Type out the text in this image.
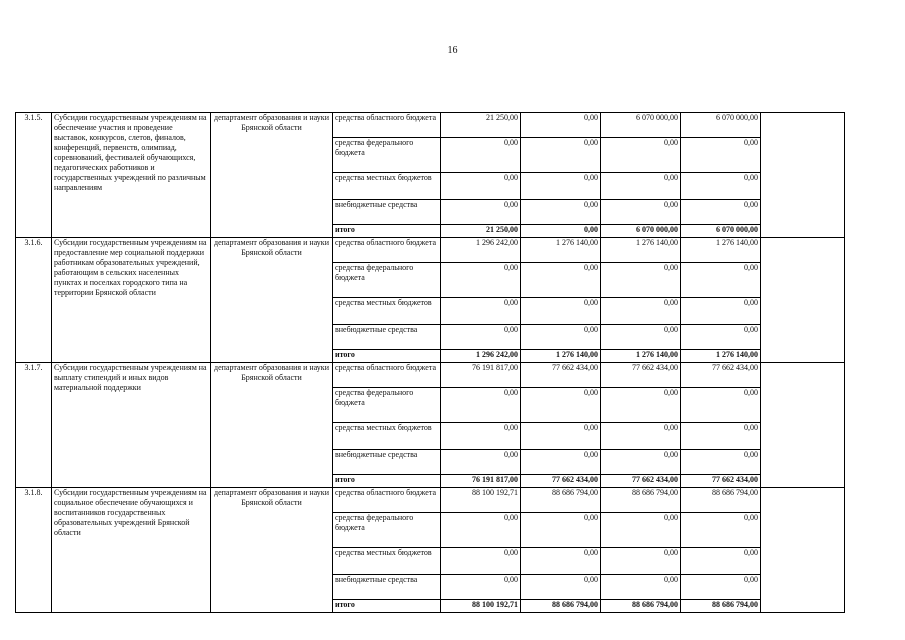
16
3.1.5.	Субсидии государственным учреждениям на обеспечение участия и проведение выставок, конкурсов, слетов, финалов, конференций, первенств, олимпиад, соревнований, фестивалей обучающихся, педагогических работников и государственных учреждений по различным направлениям	департамент образования и науки Брянской области	средства областного бюджета	21 250,00	0,00	6 070 000,00	6 070 000,00	
			средства федерального бюджета	0,00	0,00	0,00	0,00	
			средства местных бюджетов	0,00	0,00	0,00	0,00	
			внебюджетные средства	0,00	0,00	0,00	0,00	
			итого	21 250,00	0,00	6 070 000,00	6 070 000,00	
3.1.6.	Субсидии государственным учреждениям на предоставление мер социальной поддержки работникам образовательных учреждений, работающим в сельских населенных пунктах и поселках городского типа на территории Брянской области	департамент образования и науки Брянской области	средства областного бюджета	1 296 242,00	1 276 140,00	1 276 140,00	1 276 140,00	
			средства федерального бюджета	0,00	0,00	0,00	0,00	
			средства местных бюджетов	0,00	0,00	0,00	0,00	
			внебюджетные средства	0,00	0,00	0,00	0,00	
			итого	1 296 242,00	1 276 140,00	1 276 140,00	1 276 140,00	
3.1.7.	Субсидии государственным учреждениям на выплату стипендий и иных видов материальной поддержки	департамент образования и науки Брянской области	средства областного бюджета	76 191 817,00	77 662 434,00	77 662 434,00	77 662 434,00	
			средства федерального бюджета	0,00	0,00	0,00	0,00	
			средства местных бюджетов	0,00	0,00	0,00	0,00	
			внебюджетные средства	0,00	0,00	0,00	0,00	
			итого	76 191 817,00	77 662 434,00	77 662 434,00	77 662 434,00	
3.1.8.	Субсидии государственным учреждениям на социальное обеспечение обучающихся и воспитанников государственных образовательных учреждений Брянской области	департамент образования и науки Брянской области	средства областного бюджета	88 100 192,71	88 686 794,00	88 686 794,00	88 686 794,00	
			средства федерального бюджета	0,00	0,00	0,00	0,00	
			средства местных бюджетов	0,00	0,00	0,00	0,00	
			внебюджетные средства	0,00	0,00	0,00	0,00	
			итого	88 100 192,71	88 686 794,00	88 686 794,00	88 686 794,00	
